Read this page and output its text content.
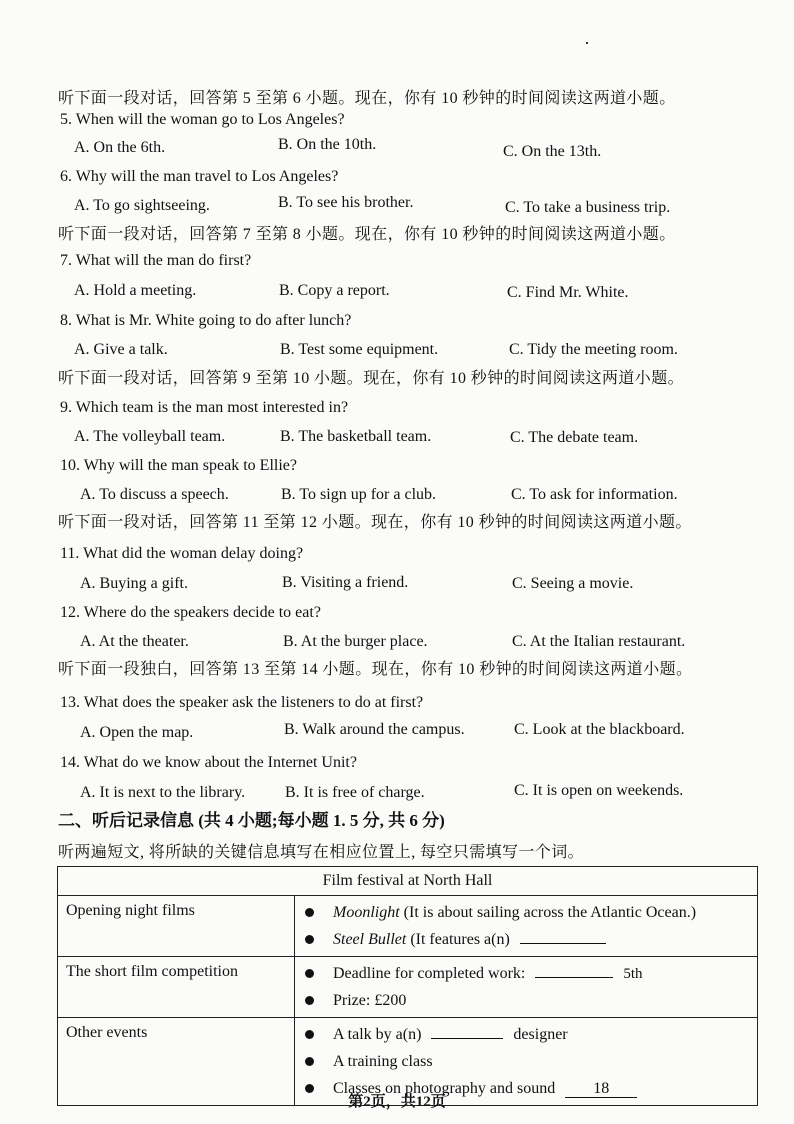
听下面一段对话，回答第 5 至第 6 小题。现在，你有 10 秒钟的时间阅读这两道小题。
5. When will the woman go to Los Angeles?
A. On the 6th.	B. On the 10th.	C. On the 13th.
6. Why will the man travel to Los Angeles?
A. To go sightseeing.	B. To see his brother.	C. To take a business trip.
听下面一段对话，回答第 7 至第 8 小题。现在，你有 10 秒钟的时间阅读这两道小题。
7. What will the man do first?
A. Hold a meeting.	B. Copy a report.	C. Find Mr. White.
8. What is Mr. White going to do after lunch?
A. Give a talk.	B. Test some equipment.	C. Tidy the meeting room.
听下面一段对话，回答第 9 至第 10 小题。现在，你有 10 秒钟的时间阅读这两道小题。
9. Which team is the man most interested in?
A. The volleyball team.	B. The basketball team.	C. The debate team.
10. Why will the man speak to Ellie?
A. To discuss a speech.	B. To sign up for a club.	C. To ask for information.
听下面一段对话，回答第 11 至第 12 小题。现在，你有 10 秒钟的时间阅读这两道小题。
11. What did the woman delay doing?
A. Buying a gift.	B. Visiting a friend.	C. Seeing a movie.
12. Where do the speakers decide to eat?
A. At the theater.	B. At the burger place.	C. At the Italian restaurant.
听下面一段独白，回答第 13 至第 14 小题。现在，你有 10 秒钟的时间阅读这两道小题。
13. What does the speaker ask the listeners to do at first?
A. Open the map.	B. Walk around the campus.	C. Look at the blackboard.
14. What do we know about the Internet Unit?
A. It is next to the library. B. It is free of charge.	C. It is open on weekends.
二、听后记录信息 (共 4 小题;每小题 1. 5 分, 共 6 分)
听两遍短文, 将所缺的关键信息填写在相应位置上, 每空只需填写一个词。
Film festival at North Hall	
Opening night films	Moonlight (It is about sailing across the Atlantic Ocean.)
Steel Bullet (It features a(n)

The short film competition	Deadline for completed work: 5th
Prize: £200

Other events	A talk by a(n) designer
A training class
Classes on photography and sound 18
第2页，共12页
